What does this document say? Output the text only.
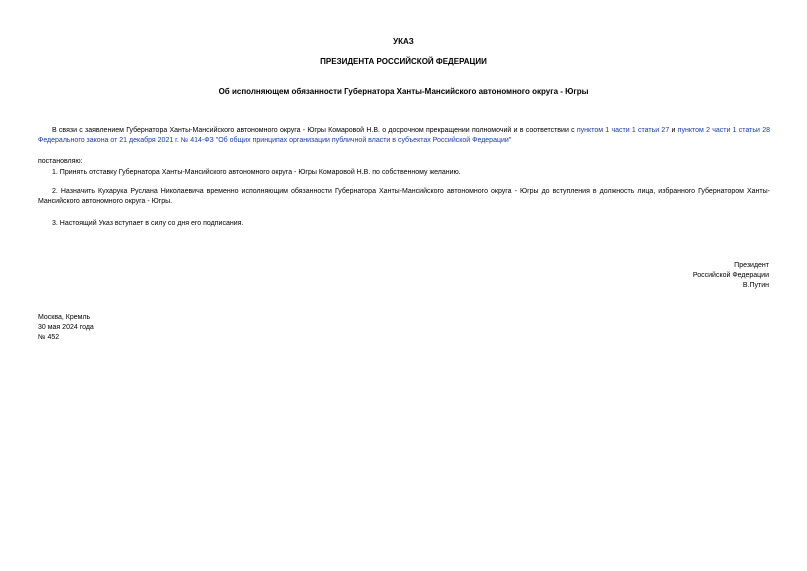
УКАЗ
ПРЕЗИДЕНТА РОССИЙСКОЙ ФЕДЕРАЦИИ
Об исполняющем обязанности Губернатора Ханты-Мансийского автономного округа - Югры
В связи с заявлением Губернатора Ханты-Мансийского автономного округа - Югры Комаровой Н.В. о досрочном прекращении полномочий и в соответствии с пунктом 1 части 1 статьи 27 и пунктом 2 части 1 статьи 28 Федерального закона от 21 декабря 2021 г. № 414-ФЗ "Об общих принципах организации публичной власти в субъектах Российской Федерации"
постановляю:
1. Принять отставку Губернатора Ханты-Мансийского автономного округа - Югры Комаровой Н.В. по собственному желанию.
2. Назначить Кухарука Руслана Николаевича временно исполняющим обязанности Губернатора Ханты-Мансийского автономного округа - Югры до вступления в должность лица, избранного Губернатором Ханты-Мансийского автономного округа - Югры.
3. Настоящий Указ вступает в силу со дня его подписания.
Президент
Российской Федерации
В.Путин
Москва, Кремль
30 мая 2024 года
№ 452
